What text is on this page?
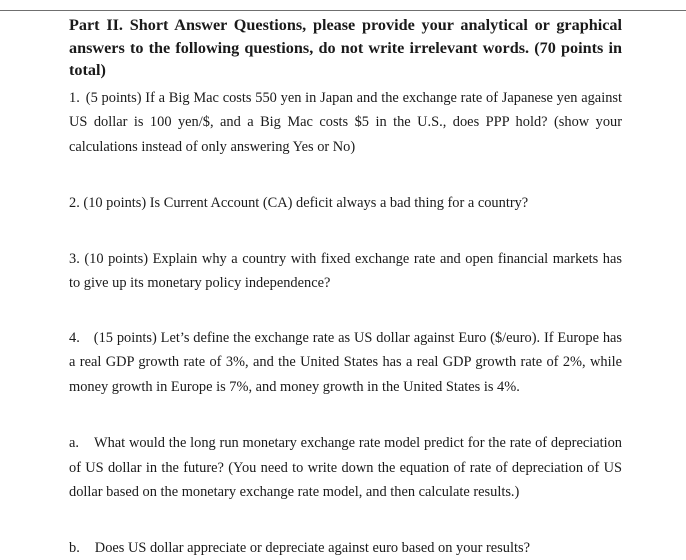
Part II. Short Answer Questions, please provide your analytical or graphical answers to the following questions, do not write irrelevant words. (70 points in total)

1. (5 points) If a Big Mac costs 550 yen in Japan and the exchange rate of Japanese yen against US dollar is 100 yen/$, and a Big Mac costs $5 in the U.S., does PPP hold? (show your calculations instead of only answering Yes or No)

2. (10 points) Is Current Account (CA) deficit always a bad thing for a country?

3. (10 points) Explain why a country with fixed exchange rate and open financial markets has to give up its monetary policy independence?

4. (15 points) Let’s define the exchange rate as US dollar against Euro ($/euro). If Europe has a real GDP growth rate of 3%, and the United States has a real GDP growth rate of 2%, while money growth in Europe is 7%, and money growth in the United States is 4%.

a. What would the long run monetary exchange rate model predict for the rate of depreciation of US dollar in the future? (You need to write down the equation of rate of depreciation of US dollar based on the monetary exchange rate model, and then calculate results.)

b. Does US dollar appreciate or depreciate against euro based on your results?
